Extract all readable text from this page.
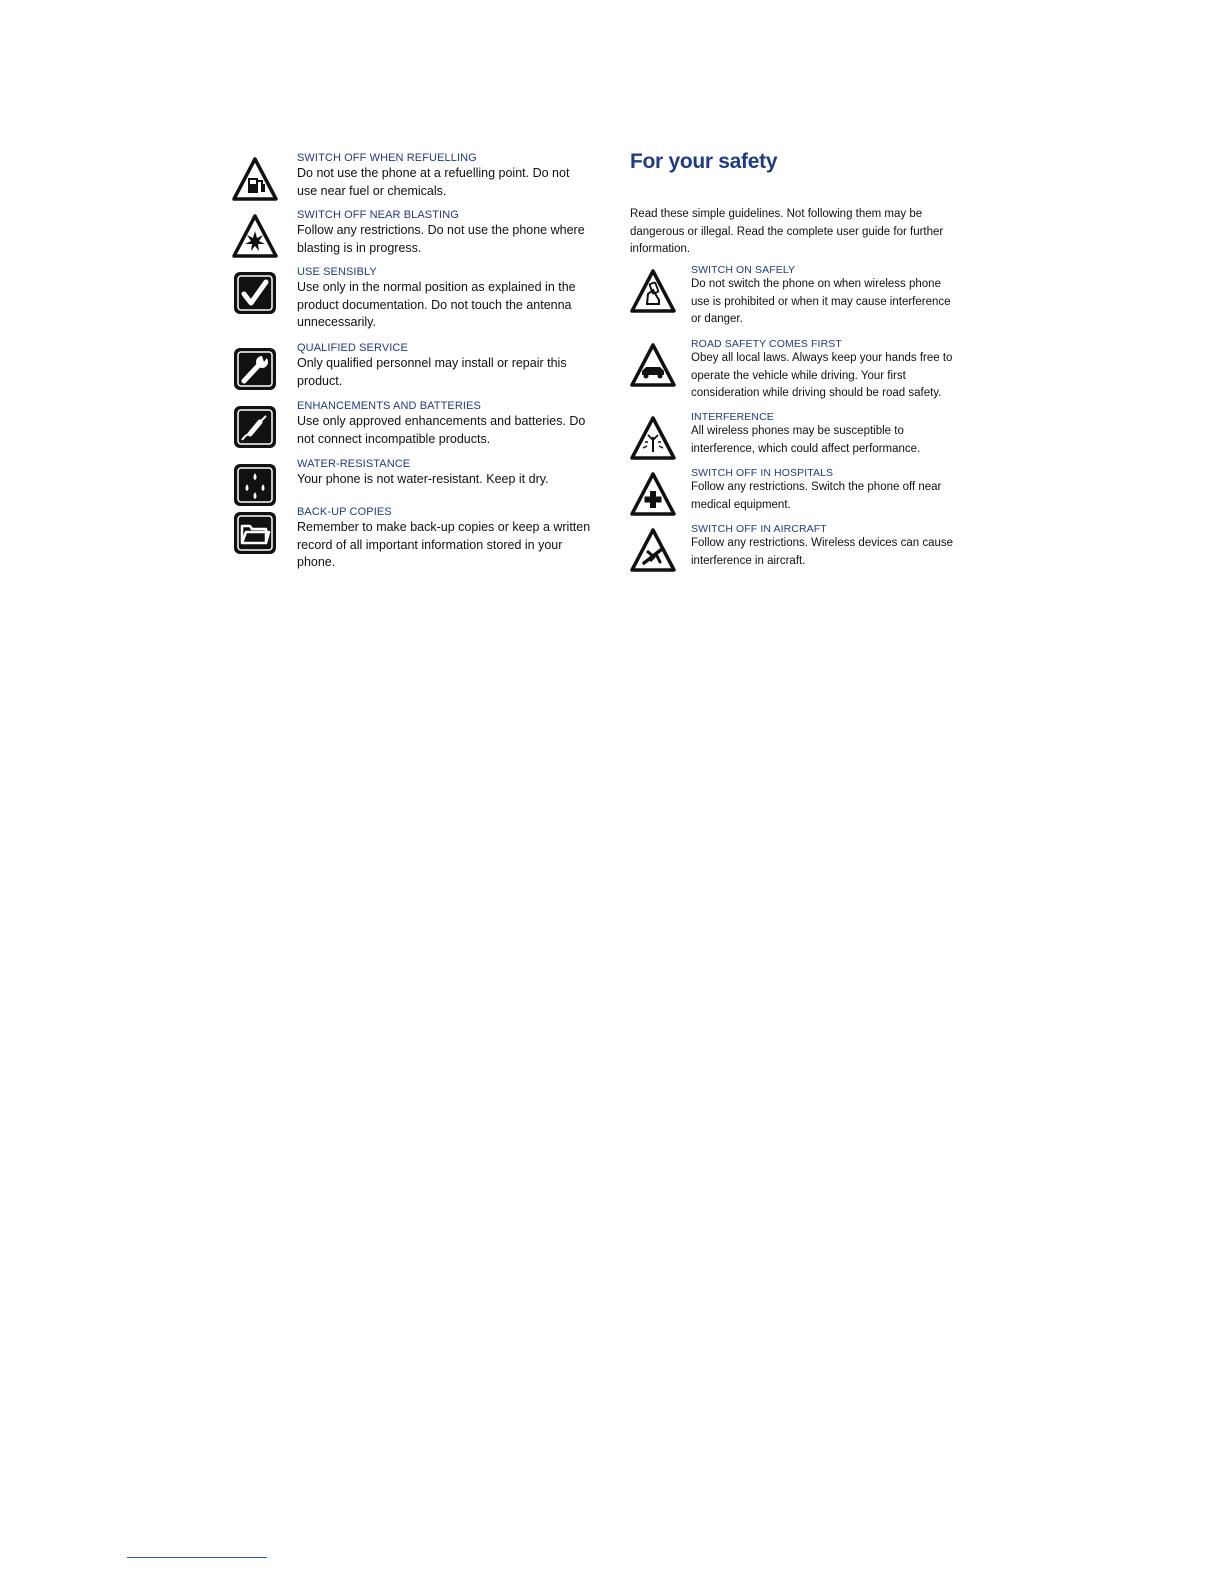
SWITCH OFF WHEN REFUELLING
Do not use the phone at a refuelling point. Do not use near fuel or chemicals.
SWITCH OFF NEAR BLASTING
Follow any restrictions. Do not use the phone where blasting is in progress.
USE SENSIBLY
Use only in the normal position as explained in the product documentation. Do not touch the antenna unnecessarily.
QUALIFIED SERVICE
Only qualified personnel may install or repair this product.
ENHANCEMENTS AND BATTERIES
Use only approved enhancements and batteries. Do not connect incompatible products.
WATER-RESISTANCE
Your phone is not water-resistant. Keep it dry.
BACK-UP COPIES
Remember to make back-up copies or keep a written record of all important information stored in your phone.
For your safety
Read these simple guidelines. Not following them may be dangerous or illegal. Read the complete user guide for further information.
SWITCH ON SAFELY
Do not switch the phone on when wireless phone use is prohibited or when it may cause interference or danger.
ROAD SAFETY COMES FIRST
Obey all local laws. Always keep your hands free to operate the vehicle while driving. Your first consideration while driving should be road safety.
INTERFERENCE
All wireless phones may be susceptible to interference, which could affect performance.
SWITCH OFF IN HOSPITALS
Follow any restrictions. Switch the phone off near medical equipment.
SWITCH OFF IN AIRCRAFT
Follow any restrictions. Wireless devices can cause interference in aircraft.
